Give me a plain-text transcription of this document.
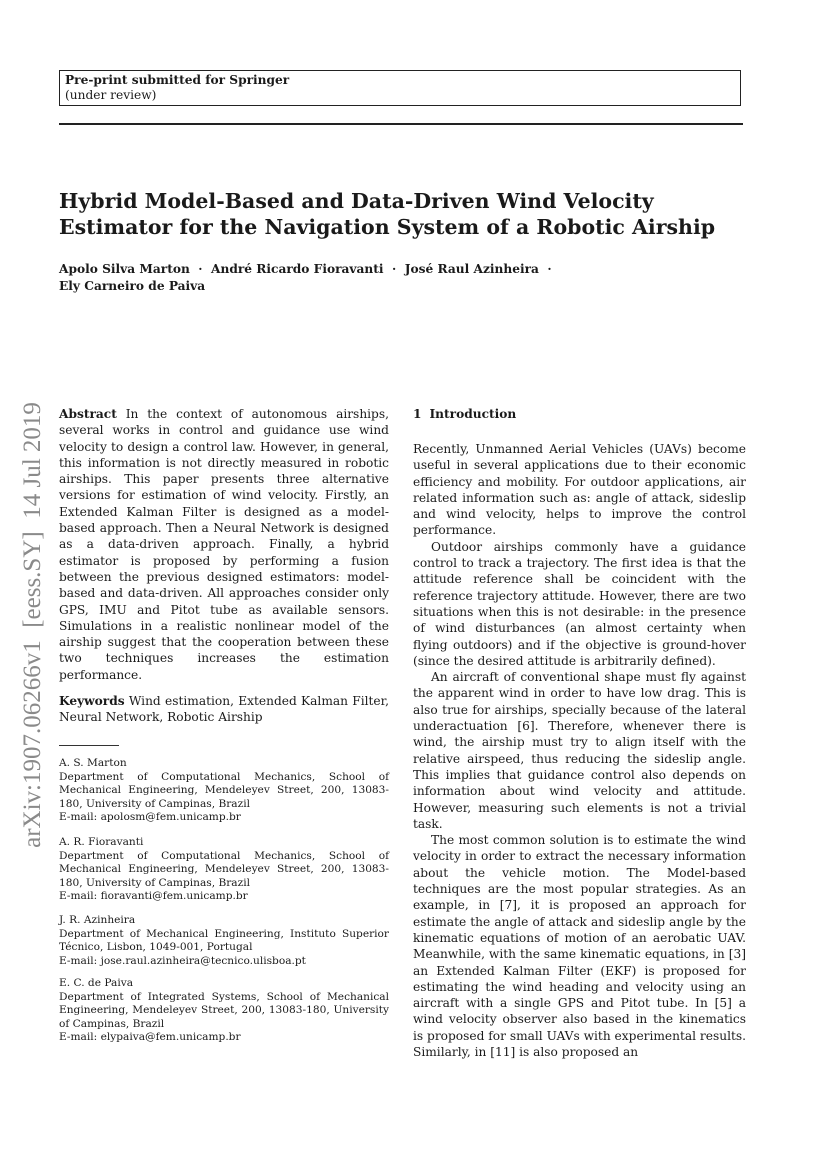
Pre-print submitted for Springer
(under review)
arXiv:1907.06266v1  [eess.SY]  14 Jul 2019
Hybrid Model-Based and Data-Driven Wind Velocity
Estimator for the Navigation System of a Robotic Airship
Apolo Silva Marton  ·  André Ricardo Fioravanti  ·  José Raul Azinheira  ·
Ely Carneiro de Paiva
Abstract In the context of autonomous airships, several works in control and guidance use wind velocity to design a control law. However, in general, this information is not directly measured in robotic airships. This paper presents three alternative versions for estimation of wind velocity. Firstly, an Extended Kalman Filter is designed as a model-based approach. Then a Neural Network is designed as a data-driven approach. Finally, a hybrid estimator is proposed by performing a fusion between the previous designed estimators: model-based and data-driven. All approaches consider only GPS, IMU and Pitot tube as available sensors. Simulations in a realistic nonlinear model of the airship suggest that the cooperation between these two techniques increases the estimation performance.
Keywords Wind estimation, Extended Kalman Filter, Neural Network, Robotic Airship
A. S. Marton
Department of Computational Mechanics, School of Mechanical Engineering, Mendeleyev Street, 200, 13083-180, University of Campinas, Brazil
E-mail: apolosm@fem.unicamp.br
A. R. Fioravanti
Department of Computational Mechanics, School of Mechanical Engineering, Mendeleyev Street, 200, 13083-180, University of Campinas, Brazil
E-mail: fioravanti@fem.unicamp.br
J. R. Azinheira
Department of Mechanical Engineering, Instituto Superior Técnico, Lisbon, 1049-001, Portugal
E-mail: jose.raul.azinheira@tecnico.ulisboa.pt
E. C. de Paiva
Department of Integrated Systems, School of Mechanical Engineering, Mendeleyev Street, 200, 13083-180, University of Campinas, Brazil
E-mail: elypaiva@fem.unicamp.br
1 Introduction

Recently, Unmanned Aerial Vehicles (UAVs) become useful in several applications due to their economic efficiency and mobility. For outdoor applications, air related information such as: angle of attack, sideslip and wind velocity, helps to improve the control performance.

Outdoor airships commonly have a guidance control to track a trajectory. The first idea is that the attitude reference shall be coincident with the reference trajectory attitude. However, there are two situations when this is not desirable: in the presence of wind disturbances (an almost certainty when flying outdoors) and if the objective is ground-hover (since the desired attitude is arbitrarily defined).

An aircraft of conventional shape must fly against the apparent wind in order to have low drag. This is also true for airships, specially because of the lateral underactuation [6]. Therefore, whenever there is wind, the airship must try to align itself with the relative airspeed, thus reducing the sideslip angle. This implies that guidance control also depends on information about wind velocity and attitude. However, measuring such elements is not a trivial task.

The most common solution is to estimate the wind velocity in order to extract the necessary information about the vehicle motion. The Model-based techniques are the most popular strategies. As an example, in [7], it is proposed an approach for estimate the angle of attack and sideslip angle by the kinematic equations of motion of an aerobatic UAV. Meanwhile, with the same kinematic equations, in [3] an Extended Kalman Filter (EKF) is proposed for estimating the wind heading and velocity using an aircraft with a single GPS and Pitot tube. In [5] a wind velocity observer also based in the kinematics is proposed for small UAVs with experimental results. Similarly, in [11] is also proposed an
